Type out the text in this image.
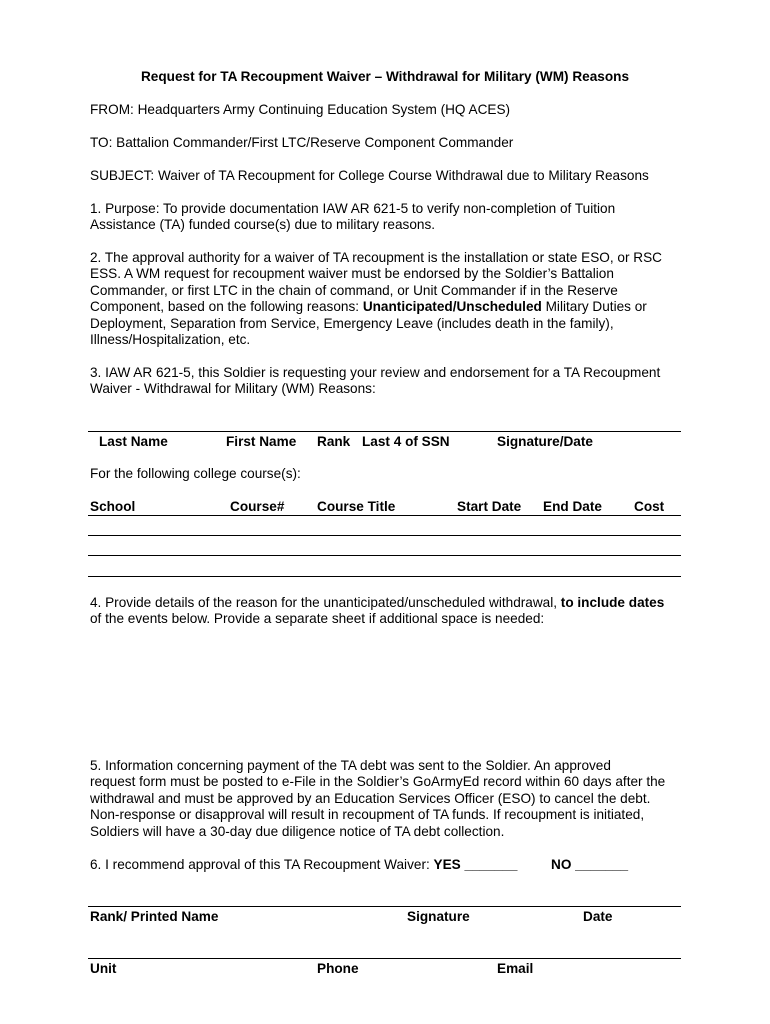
Request for TA Recoupment Waiver – Withdrawal for Military (WM) Reasons
FROM: Headquarters Army Continuing Education System (HQ ACES)
TO: Battalion Commander/First LTC/Reserve Component Commander
SUBJECT: Waiver of TA Recoupment for College Course Withdrawal due to Military Reasons
1. Purpose: To provide documentation IAW AR 621-5 to verify non-completion of Tuition
Assistance (TA) funded course(s) due to military reasons.
2. The approval authority for a waiver of TA recoupment is the installation or state ESO, or RSC
ESS. A WM request for recoupment waiver must be endorsed by the Soldier’s Battalion
Commander, or first LTC in the chain of command, or Unit Commander if in the Reserve
Component, based on the following reasons: Unanticipated/Unscheduled Military Duties or
Deployment, Separation from Service, Emergency Leave (includes death in the family),
Illness/Hospitalization, etc.
3. IAW AR 621-5, this Soldier is requesting your review and endorsement for a TA Recoupment
Waiver - Withdrawal for Military (WM) Reasons:
Last Name	First Name Rank Last 4 of SSN	Signature/Date
For the following college course(s):
School	Course# Course Title	Start Date End Date Cost
4. Provide details of the reason for the unanticipated/unscheduled withdrawal, to include dates
of the events below. Provide a separate sheet if additional space is needed:
5. Information concerning payment of the TA debt was sent to the Soldier. An approved
request form must be posted to e-File in the Soldier’s GoArmyEd record within 60 days after the
withdrawal and must be approved by an Education Services Officer (ESO) to cancel the debt.
Non-response or disapproval will result in recoupment of TA funds. If recoupment is initiated,
Soldiers will have a 30-day due diligence notice of TA debt collection.
6. I recommend approval of this TA Recoupment Waiver: YES _______ NO _______
Rank/ Printed Name	Signature	Date
Unit	Phone	Email
